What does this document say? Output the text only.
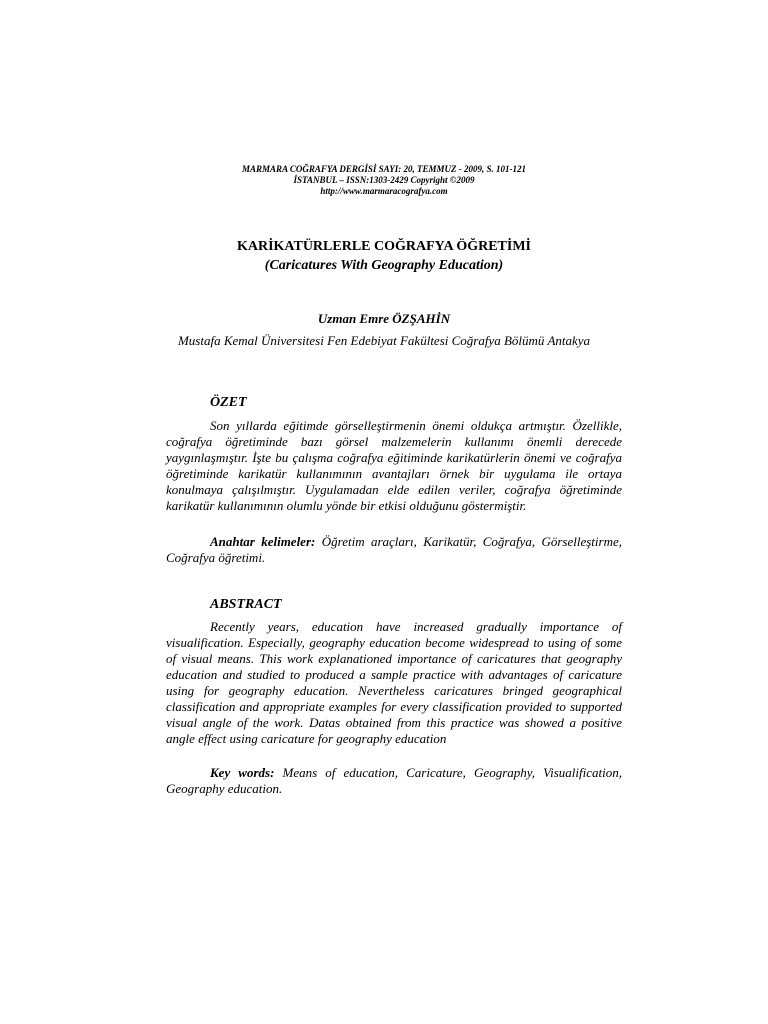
MARMARA COĞRAFYA DERGİSİ SAYI: 20, TEMMUZ - 2009, S. 101-121
İSTANBUL – ISSN:1303-2429 Copyright ©2009
http://www.marmaracografya.com
KARİKATÜRLERLE COĞRAFYA ÖĞRETİMİ
(Caricatures With Geography Education)
Uzman Emre ÖZŞAHİN
Mustafa Kemal Üniversitesi Fen Edebiyat Fakültesi Coğrafya Bölümü Antakya
ÖZET

Son yıllarda eğitimde görselleştirmenin önemi oldukça artmıştır. Özellikle, coğrafya öğretiminde bazı görsel malzemelerin kullanımı önemli derecede yaygınlaşmıştır. İşte bu çalışma coğrafya eğitiminde karikatürlerin önemi ve coğrafya öğretiminde karikatür kullanımının avantajları örnek bir uygulama ile ortaya konulmaya çalışılmıştır. Uygulamadan elde edilen veriler, coğrafya öğretiminde karikatür kullanımının olumlu yönde bir etkisi olduğunu göstermiştir.

Anahtar kelimeler: Öğretim araçları, Karikatür, Coğrafya, Görselleştirme, Coğrafya öğretimi.

ABSTRACT

Recently years, education have increased gradually importance of visualification. Especially, geography education become widespread to using of some of visual means. This work explanationed importance of caricatures that geography education and studied to produced a sample practice with advantages of caricature using for geography education. Nevertheless caricatures bringed geographical classification and appropriate examples for every classification provided to supported visual angle of the work. Datas obtained from this practice was showed a positive angle effect using caricature for geography education

Key words: Means of education, Caricature, Geography, Visualification, Geography education.
